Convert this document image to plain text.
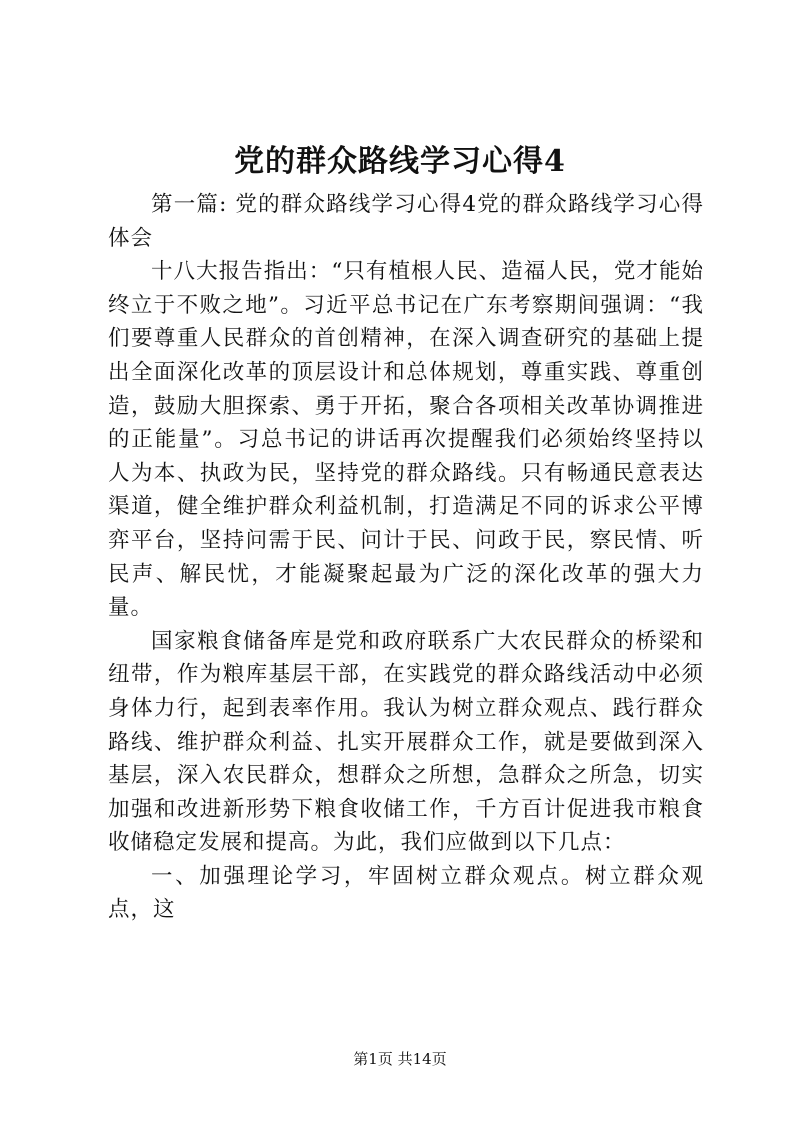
党的群众路线学习心得4

第一篇: 党的群众路线学习心得4党的群众路线学习心得体会

十八大报告指出：“只有植根人民、造福人民，党才能始终立于不败之地”。习近平总书记在广东考察期间强调：“我们要尊重人民群众的首创精神，在深入调查研究的基础上提出全面深化改革的顶层设计和总体规划，尊重实践、尊重创造，鼓励大胆探索、勇于开拓，聚合各项相关改革协调推进的正能量”。习总书记的讲话再次提醒我们必须始终坚持以人为本、执政为民，坚持党的群众路线。只有畅通民意表达渠道，健全维护群众利益机制，打造满足不同的诉求公平博弈平台，坚持问需于民、问计于民、问政于民，察民情、听民声、解民忧，才能凝聚起最为广泛的深化改革的强大力量。

国家粮食储备库是党和政府联系广大农民群众的桥梁和纽带，作为粮库基层干部，在实践党的群众路线活动中必须身体力行，起到表率作用。我认为树立群众观点、践行群众路线、维护群众利益、扎实开展群众工作，就是要做到深入基层，深入农民群众，想群众之所想，急群众之所急，切实加强和改进新形势下粮食收储工作，千方百计促进我市粮食收储稳定发展和提高。为此，我们应做到以下几点：

一、加强理论学习，牢固树立群众观点。树立群众观点，这

第1页 共14页
